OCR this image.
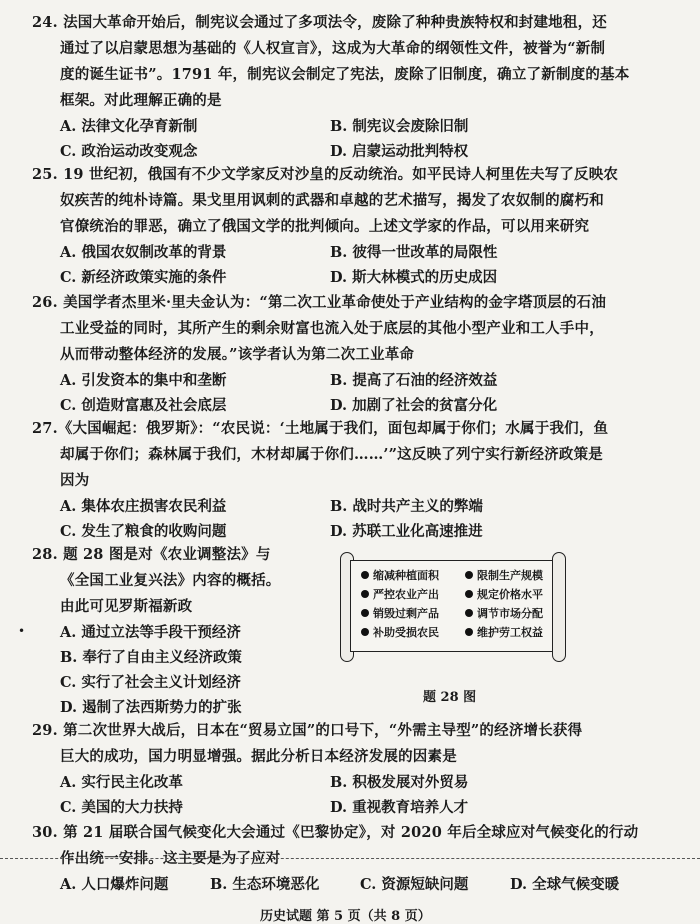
24. 法国大革命开始后，制宪议会通过了多项法令，废除了种种贵族特权和封建地租，还
通过了以启蒙思想为基础的《人权宣言》，这成为大革命的纲领性文件，被誉为“新制
度的诞生证书”。1791 年，制宪议会制定了宪法，废除了旧制度，确立了新制度的基本
框架。对此理解正确的是
A. 法律文化孕育新制	B. 制宪议会废除旧制
C. 政治运动改变观念	D. 启蒙运动批判特权
25. 19 世纪初，俄国有不少文学家反对沙皇的反动统治。如平民诗人柯里佐夫写了反映农
奴疾苦的纯朴诗篇。果戈里用讽刺的武器和卓越的艺术描写，揭发了农奴制的腐朽和
官僚统治的罪恶，确立了俄国文学的批判倾向。上述文学家的作品，可以用来研究
A. 俄国农奴制改革的背景	B. 彼得一世改革的局限性
C. 新经济政策实施的条件	D. 斯大林模式的历史成因
26. 美国学者杰里米·里夫金认为：“第二次工业革命使处于产业结构的金字塔顶层的石油
工业受益的同时，其所产生的剩余财富也流入处于底层的其他小型产业和工人手中，
从而带动整体经济的发展。”该学者认为第二次工业革命
A. 引发资本的集中和垄断	B. 提高了石油的经济效益
C. 创造财富惠及社会底层	D. 加剧了社会的贫富分化
27.《大国崛起：俄罗斯》：“农民说：‘土地属于我们，面包却属于你们；水属于我们，鱼
却属于你们；森林属于我们，木材却属于你们……’”这反映了列宁实行新经济政策是
因为
A. 集体农庄损害农民利益	B. 战时共产主义的弊端
C. 发生了粮食的收购问题	D. 苏联工业化高速推进
28. 题 28 图是对《农业调整法》与
《全国工业复兴法》内容的概括。
由此可见罗斯福新政
A. 通过立法等手段干预经济
B. 奉行了自由主义经济政策
C. 实行了社会主义计划经济
D. 遏制了法西斯势力的扩张
•
缩减种植面积
严控农业产出
销毁过剩产品
补助受损农民
限制生产规模
规定价格水平
调节市场分配
维护劳工权益
题 28 图
29. 第二次世界大战后，日本在“贸易立国”的口号下，“外需主导型”的经济增长获得
巨大的成功，国力明显增强。据此分析日本经济发展的因素是
A. 实行民主化改革	B. 积极发展对外贸易
C. 美国的大力扶持	D. 重视教育培养人才
30. 第 21 届联合国气候变化大会通过《巴黎协定》，对 2020 年后全球应对气候变化的行动
作出统一安排。这主要是为了应对
A. 人口爆炸问题	B. 生态环境恶化	C. 资源短缺问题	D. 全球气候变暖
历史试题 第 5 页（共 8 页）
